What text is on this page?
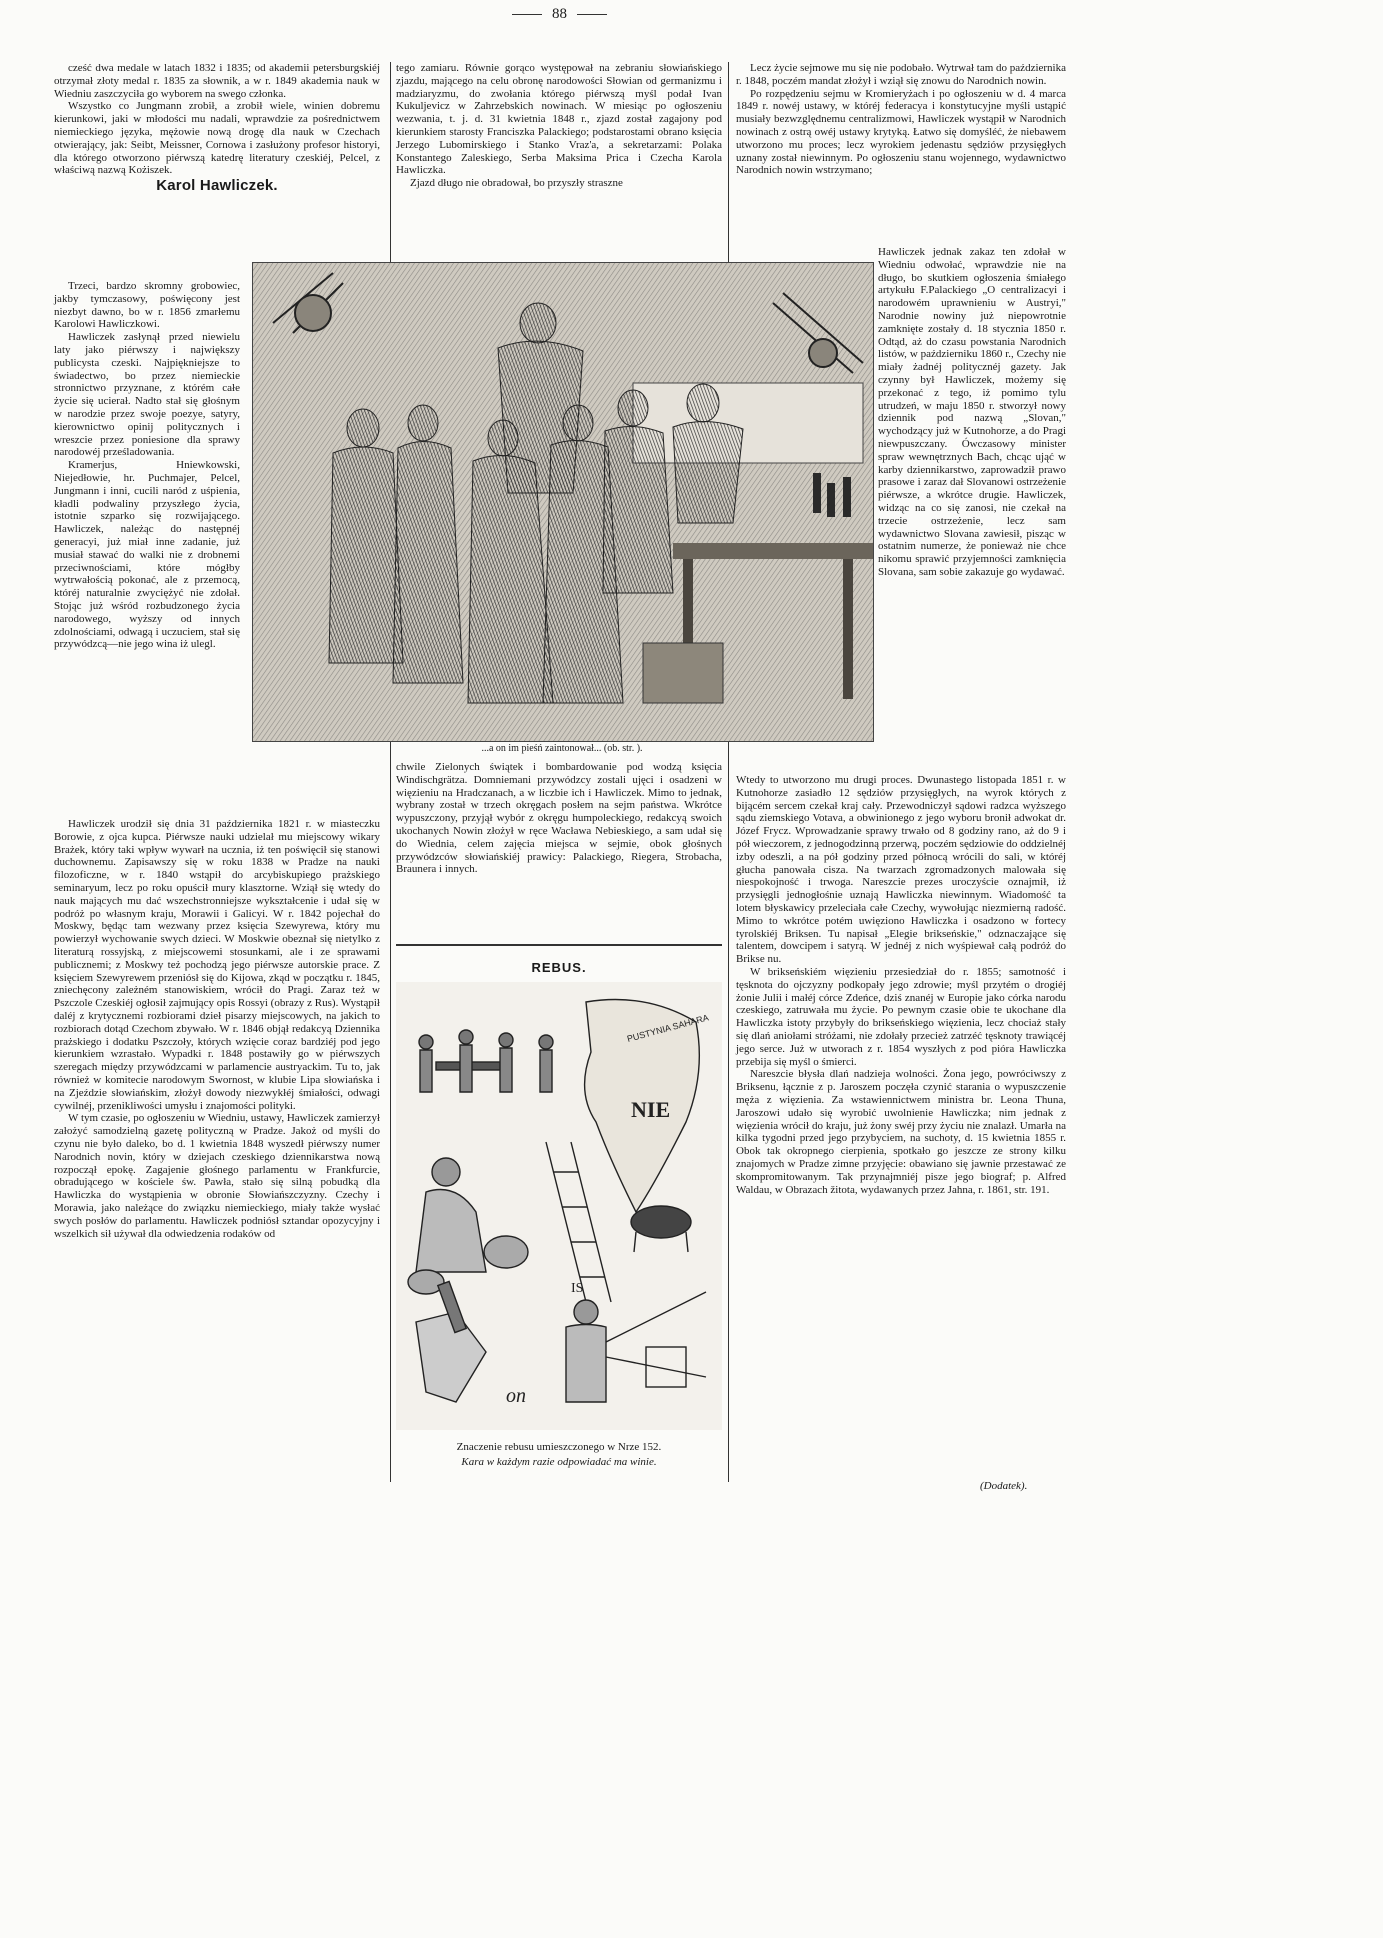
88

cześć dwa medale w latach 1832 i 1835; od akademii petersburgskiéj otrzymał złoty medal r. 1835 za słownik, a w r. 1849 akademia nauk w Wiedniu zaszczyciła go wyborem na swego członka.

Wszystko co Jungmann zrobił, a zrobił wiele, winien dobremu kierunkowi, jaki w młodości mu nadali, wprawdzie za pośrednictwem niemieckiego języka, mężowie nową drogę dla nauk w Czechach otwierający, jak: Seibt, Meissner, Cornowa i zasłużony profesor historyi, dla którego otworzono piérwszą katedrę literatury czeskiéj, Pelcel, z właściwą nazwą Kożiszek.

Karol Hawliczek.

Trzeci, bardzo skromny grobowiec, jakby tymczasowy, poświęcony jest niezbyt dawno, bo w r. 1856 zmarłemu Karolowi Hawliczkowi.

Hawliczek zasłynął przed niewielu laty jako piérwszy i największy publicysta czeski. Najpiękniejsze to świadectwo, bo przez niemieckie stronnictwo przyznane, z którém całe życie się ucierał. Nadto stał się głośnym w narodzie przez swoje poezye, satyry, kierownictwo opinij politycznych i wreszcie przez poniesione dla sprawy narodowéj prześladowania.

Kramerjus, Hniewkowski, Niejedłowie, hr. Puchmajer, Pelcel, Jungmann i inni, cucili naród z uśpienia, kładli podwaliny przyszłego życia, istotnie szparko się rozwijającego. Hawliczek, należąc do następnéj generacyi, już miał inne zadanie, już musiał stawać do walki nie z drobnemi przeciwnościami, które mógłby wytrwałością pokonać, ale z przemocą, któréj naturalnie zwyciężyć nie zdołał. Stojąc już wśród rozbudzonego życia narodowego, wyższy od innych zdolnościami, odwagą i uczuciem, stał się przywódzcą—nie jego wina iż ulegl.

Hawliczek urodził się dnia 31 października 1821 r. w miasteczku Borowie, z ojca kupca. Piérwsze nauki udzielał mu miejscowy wikary Brażek, który taki wpływ wywarł na ucznia, iż ten poświęcił się stanowi duchownemu. Zapisawszy się w roku 1838 w Pradze na nauki filozoficzne, w r. 1840 wstąpił do arcybiskupiego prażskiego seminaryum, lecz po roku opuścił mury klasztorne. Wziął się wtedy do nauk mających mu dać wszechstronniejsze wykształcenie i udał się w podróż po własnym kraju, Morawii i Galicyi. W r. 1842 pojechał do Moskwy, będąc tam wezwany przez księcia Szewyrewa, który mu powierzył wychowanie swych dzieci. W Moskwie obeznał się nietylko z literaturą rossyjską, z miejscowemi stosunkami, ale i ze sprawami publicznemi; z Moskwy też pochodzą jego piérwsze autorskie prace. Z księciem Szewyrewem przeniósł się do Kijowa, zkąd w początku r. 1845, zniechęcony zależném stanowiskiem, wrócił do Pragi. Zaraz też w Pszczole Czeskiéj ogłosił zajmujący opis Rossyi (obrazy z Rus). Wystąpił daléj z krytycznemi rozbiorami dzieł pisarzy miejscowych, na jakich to rozbiorach dotąd Czechom zbywało. W r. 1846 objął redakcyą Dziennika prażskiego i dodatku Pszczoły, których wzięcie coraz bardziéj pod jego kierunkiem wzrastało. Wypadki r. 1848 postawiły go w piérwszych szeregach między przywódzcami w parlamencie austryackim. Tu to, jak również w komitecie narodowym Swornost, w klubie Lipa słowiańska i na Zjeździe słowiańskim, złożył dowody niezwykłéj śmiałości, odwagi cywilnéj, przenikliwości umysłu i znajomości polityki.

W tym czasie, po ogłoszeniu w Wiedniu, ustawy, Hawliczek zamierzył założyć samodzielną gazetę polityczną w Pradze. Jakoż od myśli do czynu nie było daleko, bo d. 1 kwietnia 1848 wyszedł piérwszy numer Narodnich novin, który w dziejach czeskiego dziennikarstwa nową rozpoczął epokę. Zagajenie głośnego parlamentu w Frankfurcie, obradującego w kościele św. Pawła, stało się silną pobudką dla Hawliczka do wystąpienia w obronie Słowiańszczyzny. Czechy i Morawia, jako należące do związku niemieckiego, miały także wysłać swych posłów do parlamentu. Hawliczek podniósł sztandar opozycyjny i wszelkich sił używał dla odwiedzenia rodaków od

tego zamiaru. Równie gorąco występował na zebraniu słowiańskiego zjazdu, mającego na celu obronę narodowości Słowian od germanizmu i madziaryzmu, do zwołania którego piérwszą myśl podał Ivan Kukuljevicz w Zahrzebskich nowinach. W miesiąc po ogłoszeniu wezwania, t. j. d. 31 kwietnia 1848 r., zjazd został zagajony pod kierunkiem starosty Franciszka Palackiego; podstarostami obrano księcia Jerzego Lubomirskiego i Stanko Vraz'a, a sekretarzami: Polaka Konstantego Zaleskiego, Serba Maksima Prica i Czecha Karola Hawliczka.

Zjazd długo nie obradował, bo przyszły straszne

Lecz życie sejmowe mu się nie podobało. Wytrwał tam do października r. 1848, poczém mandat złożył i wziął się znowu do Narodnich nowin.

Po rozpędzeniu sejmu w Kromieryżach i po ogłoszeniu w d. 4 marca 1849 r. nowéj ustawy, w któréj federacya i konstytucyjne myśli ustąpić musiały bezwzględnemu centralizmowi, Hawliczek wystąpił w Narodnich nowinach z ostrą owéj ustawy krytyką. Łatwo się domyśléć, że niebawem utworzono mu proces; lecz wyrokiem jedenastu sędziów przysięgłych uznany został niewinnym. Po ogłoszeniu stanu wojennego, wydawnictwo Narodnich nowin wstrzymano;

Hawliczek jednak zakaz ten zdołał w Wiedniu odwołać, wprawdzie nie na długo, bo skutkiem ogłoszenia śmiałego artykułu F.Palackiego „O centralizacyi i narodowém uprawnieniu w Austryi," Narodnie nowiny już niepowrotnie zamknięte zostały d. 18 stycznia 1850 r. Odtąd, aż do czasu powstania Narodnich listów, w październiku 1860 r., Czechy nie miały żadnéj politycznéj gazety. Jak czynny był Hawliczek, możemy się przekonać z tego, iż pomimo tylu utrudzeń, w maju 1850 r. stworzył nowy dziennik pod nazwą „Slovan," wychodzący już w Kutnohorze, a do Pragi niewpuszczany. Ówczasowy minister spraw wewnętrznych Bach, chcąc ująć w karby dziennikarstwo, zaprowadził prawo prasowe i zaraz dał Slovanowi ostrzeżenie piérwsze, a wkrótce drugie. Hawliczek, widząc na co się zanosi, nie czekał na trzecie ostrzeżenie, lecz sam wydawnictwo Slovana zawiesił, pisząc w ostatnim numerze, że ponieważ nie chce nikomu sprawić przyjemności zamknięcia Slovana, sam sobie zakazuje go wydawać.

...a on im pieśń zaintonował... (ob. str. ).

chwile Zielonych świątek i bombardowanie pod wodzą księcia Windischgrätza. Domniemani przywódzcy zostali ujęci i osadzeni w więzieniu na Hradczanach, a w liczbie ich i Hawliczek. Mimo to jednak, wybrany został w trzech okręgach posłem na sejm państwa. Wkrótce wypuszczony, przyjął wybór z okręgu humpoleckiego, redakcyą swoich ukochanych Nowin złożył w ręce Wacława Nebieskiego, a sam udał się do Wiednia, celem zajęcia miejsca w sejmie, obok głośnych przywódzców słowiańskiéj prawicy: Palackiego, Riegera, Strobacha, Braunera i innych.

Wtedy to utworzono mu drugi proces. Dwunastego listopada 1851 r. w Kutnohorze zasiadło 12 sędziów przysięgłych, na wyrok których z bijącém sercem czekał kraj cały. Przewodniczył sądowi radzca wyższego sądu ziemskiego Votava, a obwinionego z jego wyboru bronił adwokat dr. Józef Frycz. Wprowadzanie sprawy trwało od 8 godziny rano, aż do 9 i pół wieczorem, z jednogodzinną przerwą, poczém sędziowie do oddzielnéj izby odeszli, a na pół godziny przed północą wrócili do sali, w któréj głucha panowała cisza. Na twarzach zgromadzonych malowała się niespokojność i trwoga. Nareszcie prezes uroczyście oznajmił, iż przysięgli jednogłośnie uznają Hawliczka niewinnym. Wiadomość ta lotem błyskawicy przeleciała całe Czechy, wywołując niezmierną radość. Mimo to wkrótce potém uwięziono Hawliczka i osadzono w fortecy tyrolskiéj Briksen. Tu napisał „Elegie brikseńskie," odznaczające się talentem, dowcipem i satyrą. W jednéj z nich wyśpiewał całą podróż do Brikse nu.

W brikseńskiém więzieniu przesiedział do r. 1855; samotność i tęsknota do ojczyzny podkopały jego zdrowie; myśl przytém o drogiéj żonie Julii i małéj córce Zdeńce, dziś znanéj w Europie jako córka narodu czeskiego, zatruwała mu życie. Po pewnym czasie obie te ukochane dla Hawliczka istoty przybyły do brikseńskiego więzienia, lecz chociaż stały się dlań aniołami stróżami, nie zdołały przecież zatrzéć tęsknoty trawiącéj jego serce. Już w utworach z r. 1854 wyszłych z pod pióra Hawliczka przebija się myśl o śmierci.

Nareszcie błysła dlań nadzieja wolności. Żona jego, powróciwszy z Briksenu, łącznie z p. Jaroszem poczęła czynić starania o wypuszczenie męża z więzienia. Za wstawiennictwem ministra br. Leona Thuna, Jaroszowi udało się wyrobić uwolnienie Hawliczka; nim jednak z więzienia wrócił do kraju, już żony swéj przy życiu nie znalazł. Umarła na kilka tygodni przed jego przybyciem, na suchoty, d. 15 kwietnia 1855 r. Obok tak okropnego cierpienia, spotkało go jeszcze ze strony kilku znajomych w Pradze zimne przyjęcie: obawiano się jawnie przestawać ze skompromitowanym. Tak przynajmniéj pisze jego biograf; p. Alfred Waldau, w Obrazach žitota, wydawanych przez Jahna, r. 1861, str. 191.

REBUS.
PUSTYNIA SAHARA
NIE
IS
on
Znaczenie rebusu umieszczonego w Nrze 152.
Kara w każdym razie odpowiadać ma winie.
(Dodatek).
